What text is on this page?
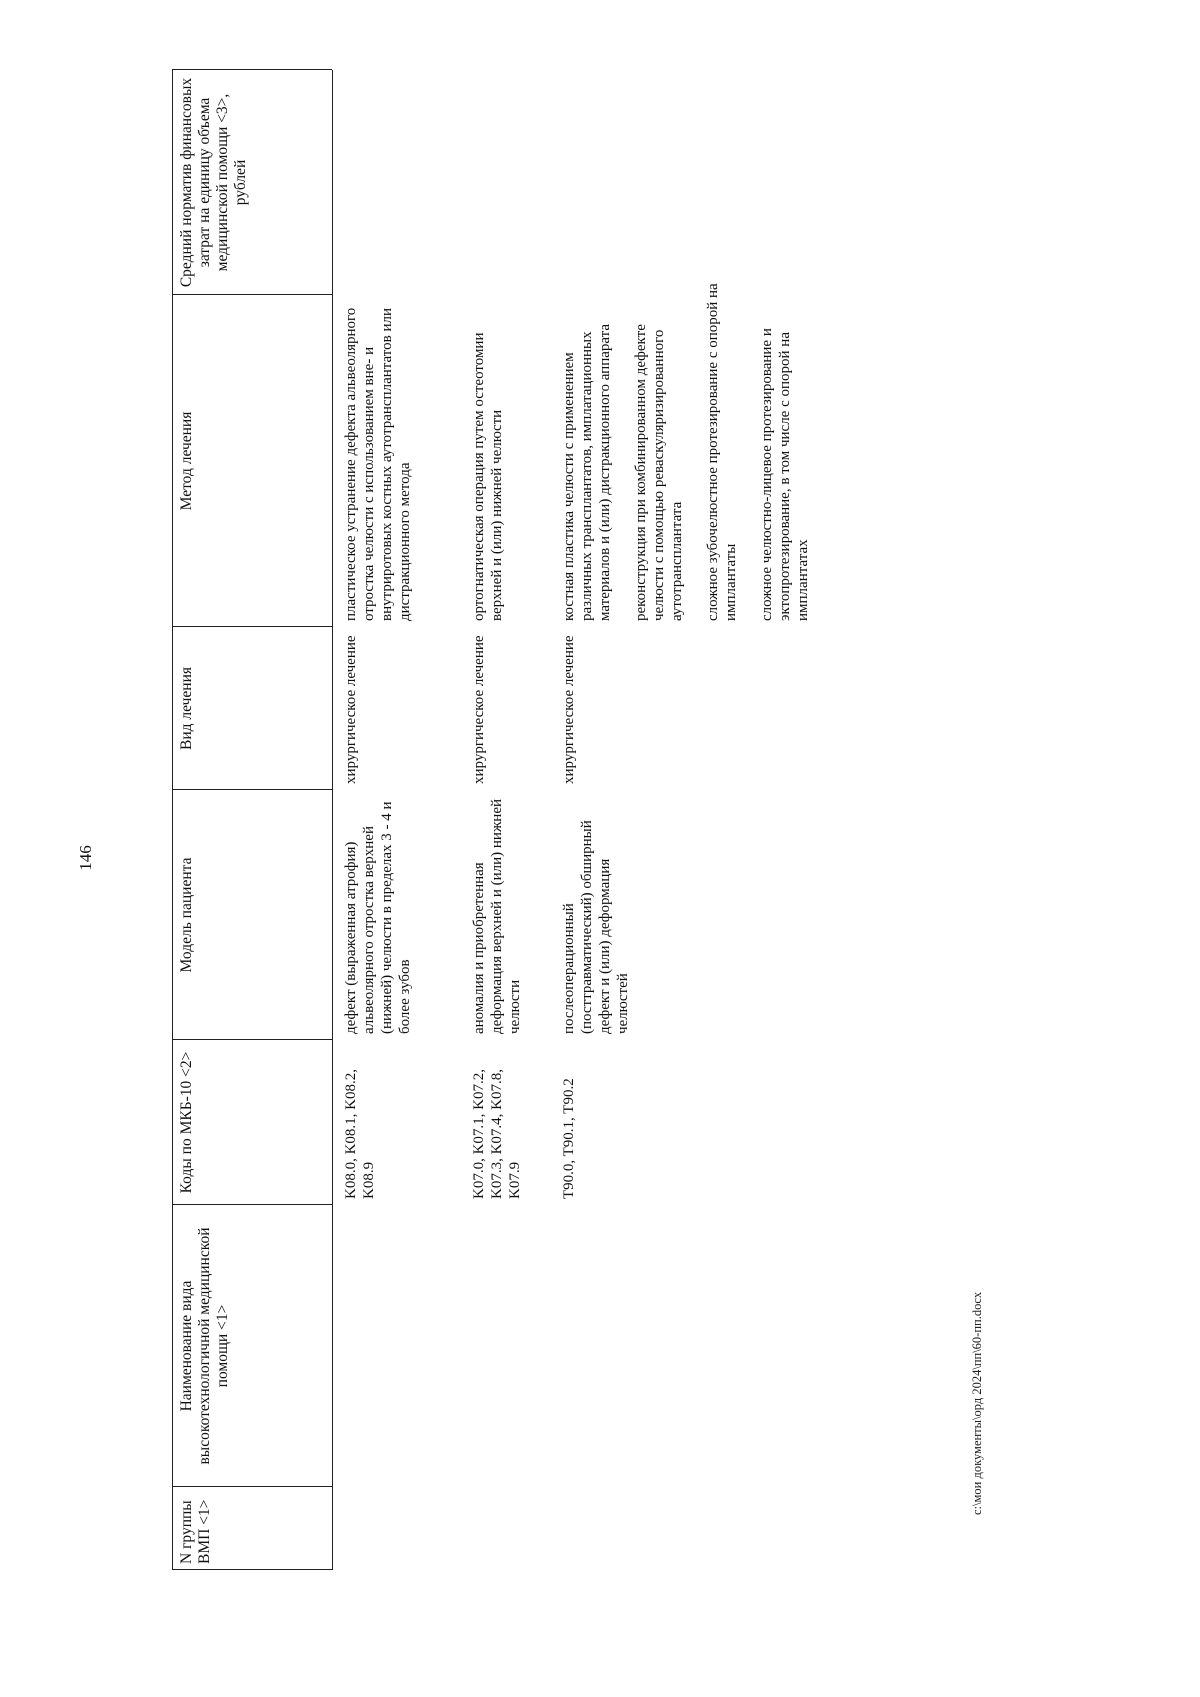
146
N группы ВМП <1>
Наименование вида высокотехнологичной медицинской помощи <1>
Коды по МКБ-10 <2>
Модель пациента
Вид лечения
Метод лечения
Средний норматив финансовых затрат на единицу объема медицинской помощи <3>, рублей
K08.0, K08.1, K08.2, K08.9
дефект (выраженная атрофия) альвеолярного отростка верхней (нижней) челюсти в пределах 3 - 4 и более зубов
хирургическое лечение

пластическое устранение дефекта альвеолярного отростка челюсти с использованием вне- и внутриротовых костных аутотрансплантатов или дистракционного метода

K07.0, K07.1, K07.2, K07.3, K07.4, K07.8, K07.9
аномалия и приобретенная деформация верхней и (или) нижней челюсти
хирургическое лечение

ортогнатическая операция путем остеотомии верхней и (или) нижней челюсти

T90.0, T90.1, T90.2
послеоперационный (посттравматический) обширный дефект и (или) деформация челюстей
хирургическое лечение

костная пластика челюсти с применением различных трансплантатов, имплатационных материалов и (или) дистракционного аппарата реконструкция при комбинированном дефекте челюсти с помощью реваскуляризированного аутотрансплантата сложное зубочелюстное протезирование с опорой на имплантаты сложное челюстно-лицевое протезирование и эктопротезирование, в том числе с опорой на имплантатах

c:\мои документы\орд 2024\пп\60-пп.docx
